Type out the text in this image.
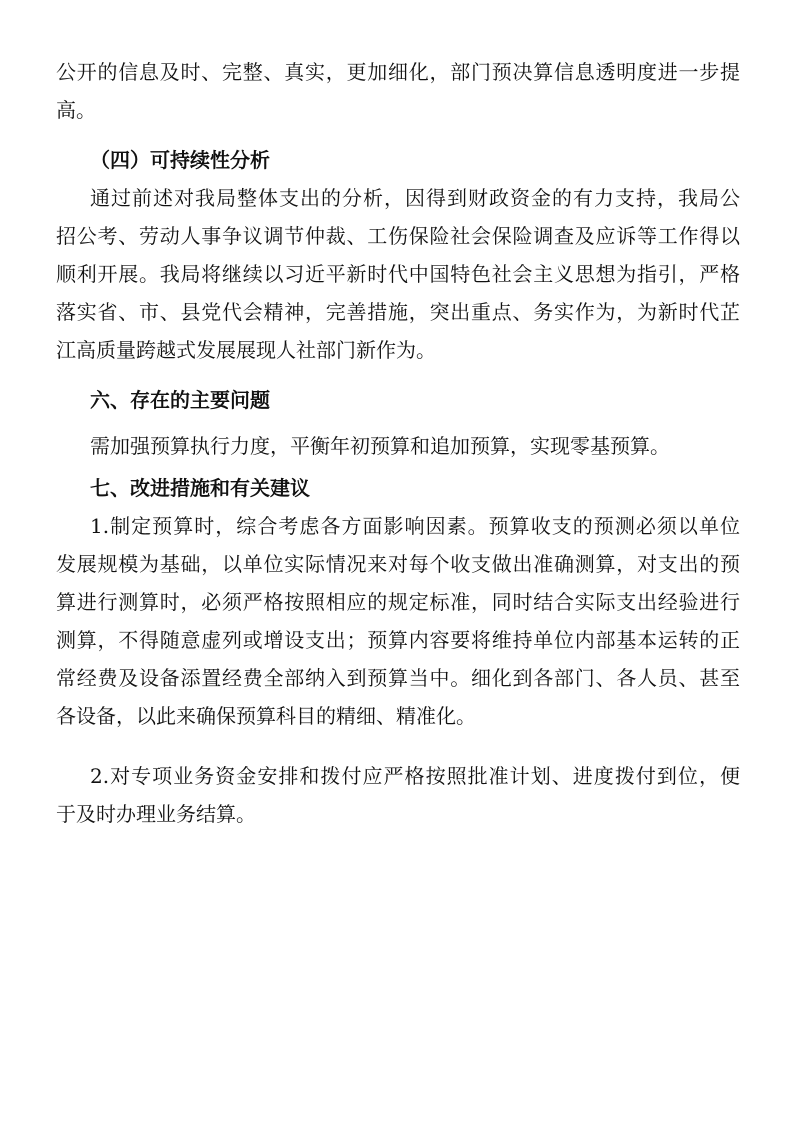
公开的信息及时、完整、真实，更加细化，部门预决算信息透明度进一步提
高。
（四）可持续性分析
通过前述对我局整体支出的分析，因得到财政资金的有力支持，我局公
招公考、劳动人事争议调节仲裁、工伤保险社会保险调查及应诉等工作得以
顺利开展。我局将继续以习近平新时代中国特色社会主义思想为指引，严格
落实省、市、县党代会精神，完善措施，突出重点、务实作为，为新时代芷
江高质量跨越式发展展现人社部门新作为。
六、存在的主要问题
需加强预算执行力度，平衡年初预算和追加预算，实现零基预算。
七、改进措施和有关建议
1.制定预算时，综合考虑各方面影响因素。预算收支的预测必须以单位
发展规模为基础，以单位实际情况来对每个收支做出准确测算，对支出的预
算进行测算时，必须严格按照相应的规定标准，同时结合实际支出经验进行
测算，不得随意虚列或增设支出；预算内容要将维持单位内部基本运转的正
常经费及设备添置经费全部纳入到预算当中。细化到各部门、各人员、甚至
各设备，以此来确保预算科目的精细、精准化。
2.对专项业务资金安排和拨付应严格按照批准计划、进度拨付到位，便
于及时办理业务结算。
